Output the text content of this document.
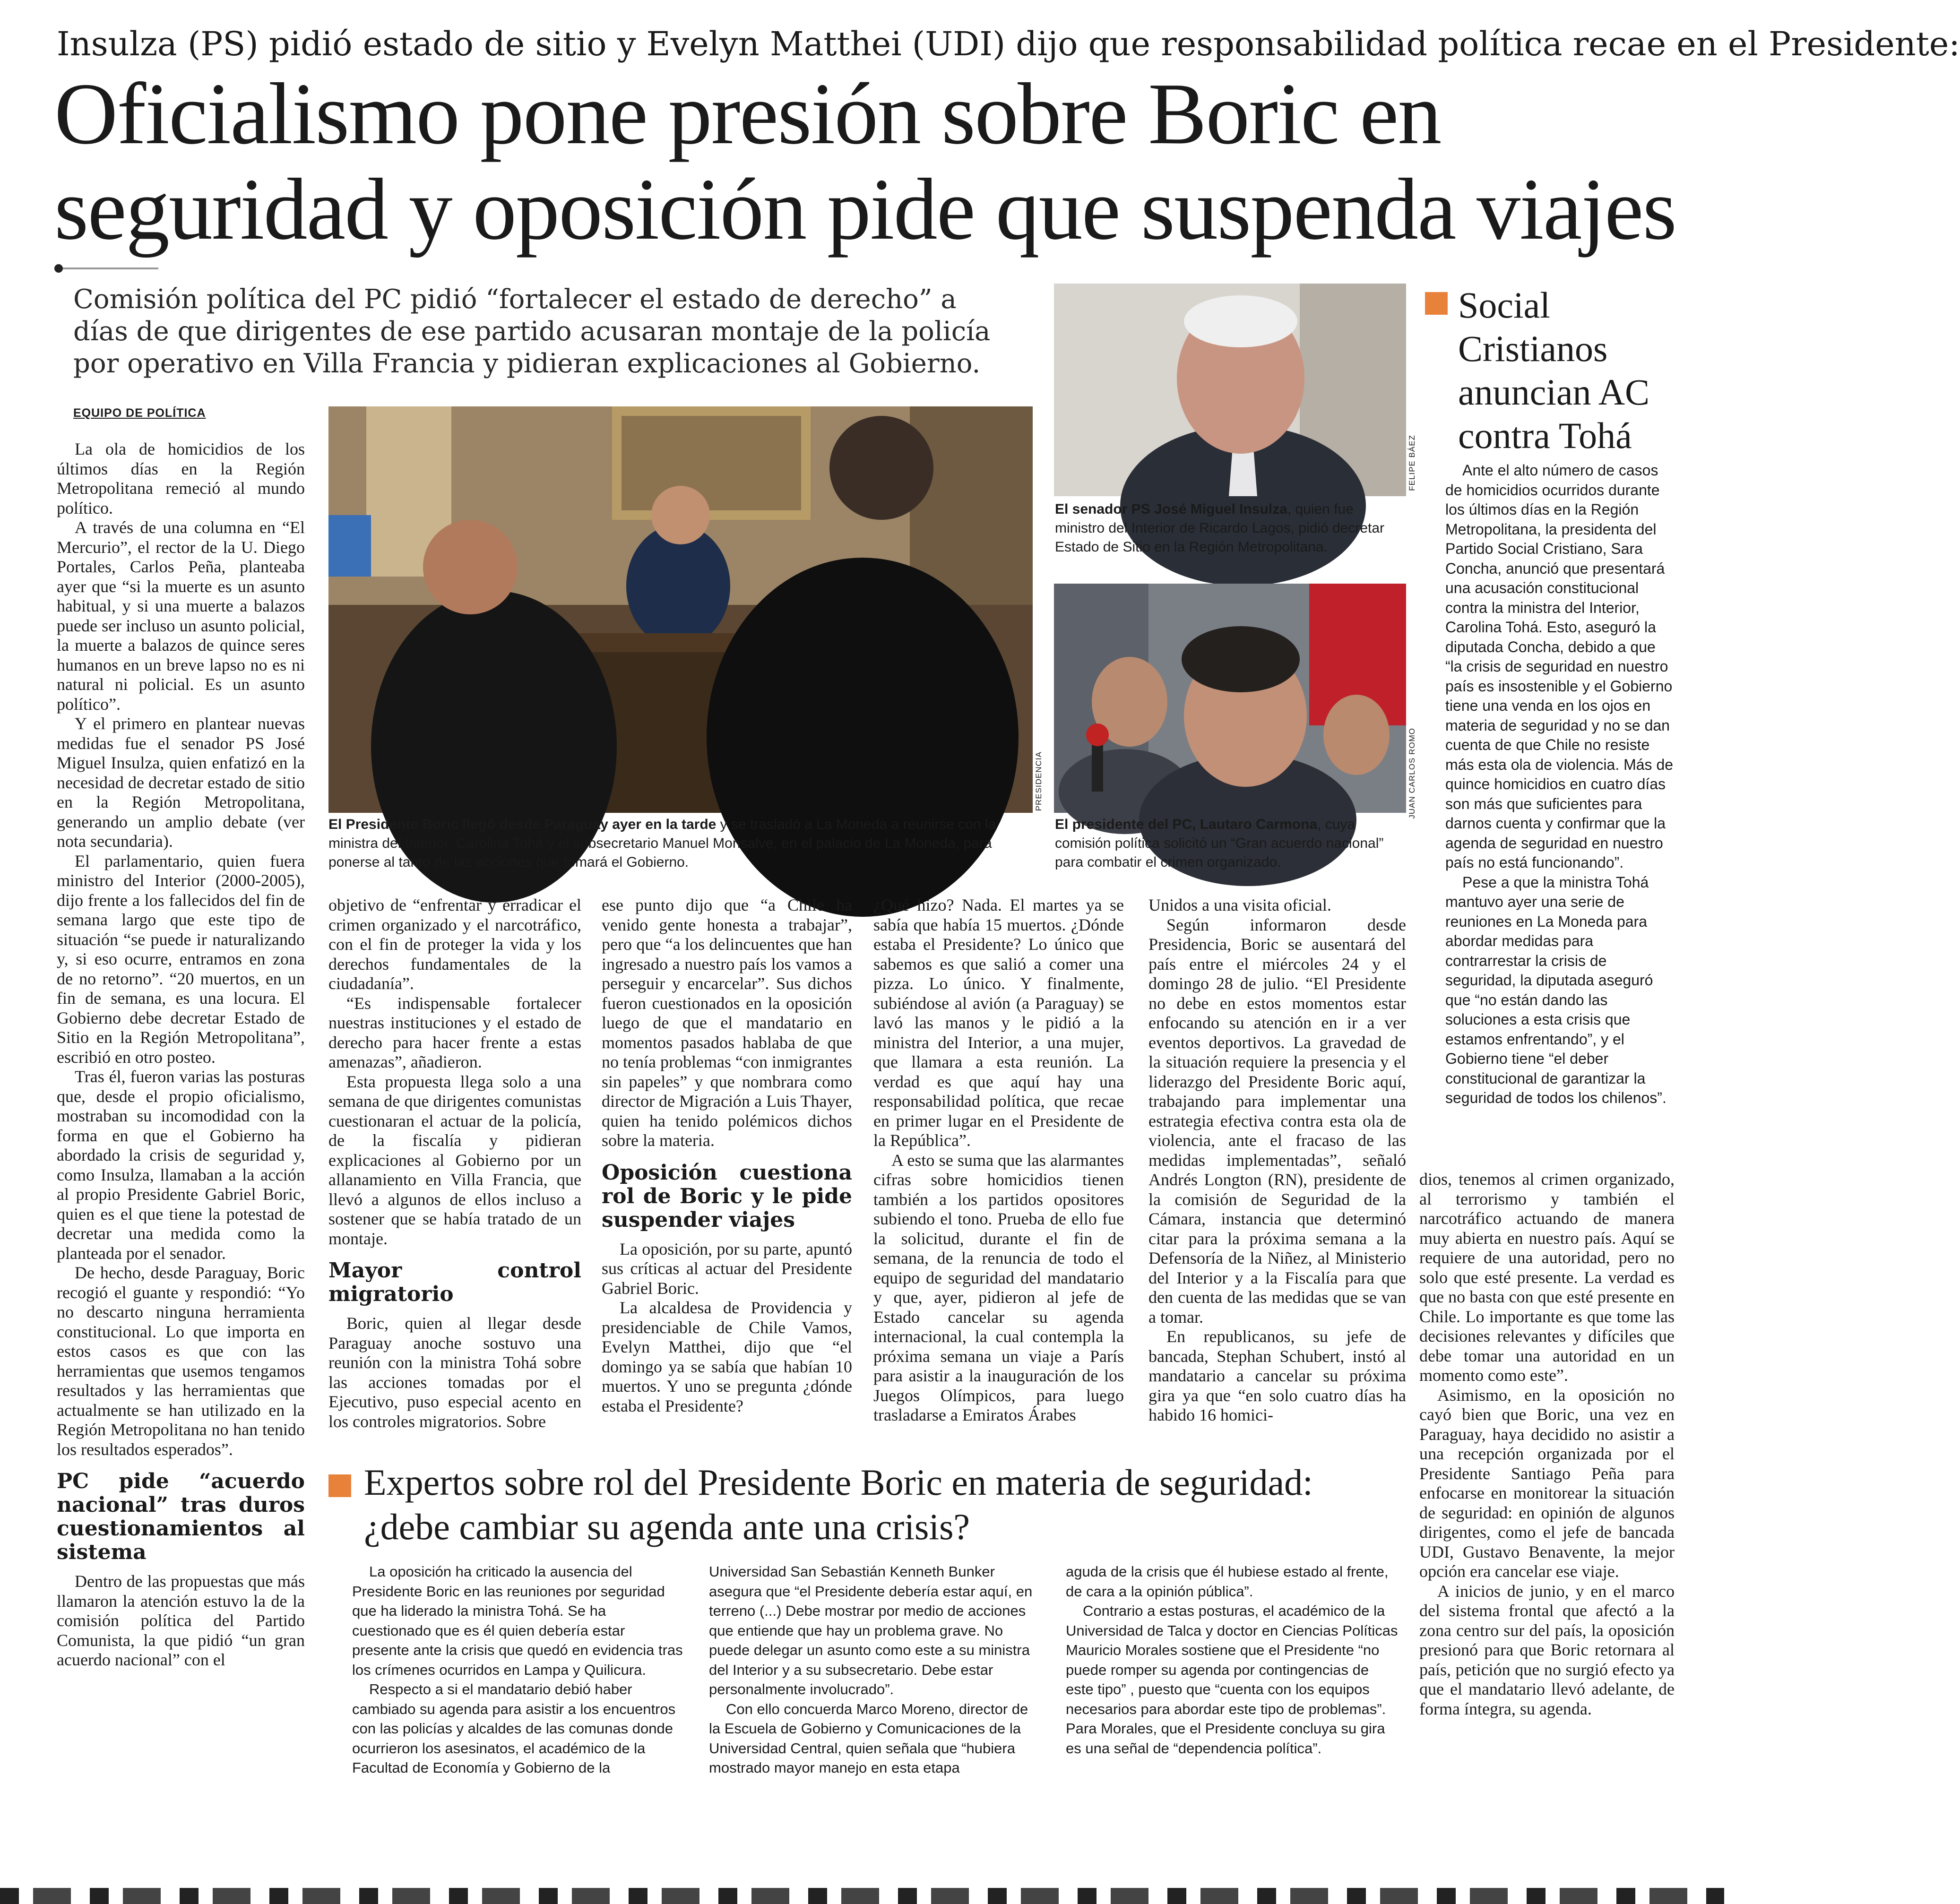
Insulza (PS) pidió estado de sitio y Evelyn Matthei (UDI) dijo que responsabilidad política recae en el Presidente:
Oficialismo pone presión sobre Boric en
seguridad y oposición pide que suspenda viajes
Comisión política del PC pidió “fortalecer el estado de derecho” a días de que dirigentes de ese partido acusaran montaje de la policía por operativo en Villa Francia y pidieran explicaciones al Gobierno.
EQUIPO DE POLÍTICA

La ola de homicidios de los últimos días en la Región Metropolitana remeció al mundo político.

A través de una columna en “El Mercurio”, el rector de la U. Diego Portales, Carlos Peña, planteaba ayer que “si la muerte es un asunto habitual, y si una muerte a balazos puede ser incluso un asunto policial, la muerte a balazos de quince seres humanos en un breve lapso no es ni natural ni policial. Es un asunto político”.

Y el primero en plantear nuevas medidas fue el senador PS José Miguel Insulza, quien enfatizó en la necesidad de decretar estado de sitio en la Región Metropolitana, generando un amplio debate (ver nota secundaria).

El parlamentario, quien fuera ministro del Interior (2000-2005), dijo frente a los fallecidos del fin de semana largo que este tipo de situación “se puede ir naturalizando y, si eso ocurre, entramos en zona de no retorno”. “20 muertos, en un fin de semana, es una locura. El Gobierno debe decretar Estado de Sitio en la Región Metropolitana”, escribió en otro posteo.

Tras él, fueron varias las posturas que, desde el propio oficialismo, mostraban su incomodidad con la forma en que el Gobierno ha abordado la crisis de seguridad y, como Insulza, llamaban a la acción al propio Presidente Gabriel Boric, quien es el que tiene la potestad de decretar una medida como la planteada por el senador.

De hecho, desde Paraguay, Boric recogió el guante y respondió: “Yo no descarto ninguna herramienta constitucional. Lo que importa en estos casos es que con las herramientas que usemos tengamos resultados y las herramientas que actualmente se han utilizado en la Región Metropolitana no han tenido los resultados esperados”.

PC pide “acuerdo nacional” tras duros cuestionamientos al sistema

Dentro de las propuestas que más llamaron la atención estuvo la de la comisión política del Partido Comunista, la que pidió “un gran acuerdo nacional” con el

PRESIDENCIA
El Presidente Boric llegó desde Paraguay ayer en la tarde y se trasladó a La Moneda a reunirse con la ministra del Interior, Carolina Tohá y el subsecretario Manuel Monsalve, en el palacio de La Moneda, para ponerse al tanto de las acciones que tomará el Gobierno.

objetivo de “enfrentar y erradicar el crimen organizado y el narcotráfico, con el fin de proteger la vida y los derechos fundamentales de la ciudadanía”.

“Es indispensable fortalecer nuestras instituciones y el estado de derecho para hacer frente a estas amenazas”, añadieron.

Esta propuesta llega solo a una semana de que dirigentes comunistas cuestionaran el actuar de la policía, de la fiscalía y pidieran explicaciones al Gobierno por un allanamiento en Villa Francia, que llevó a algunos de ellos incluso a sostener que se había tratado de un montaje.

Mayor control migratorio

Boric, quien al llegar desde Paraguay anoche sostuvo una reunión con la ministra Tohá sobre las acciones tomadas por el Ejecutivo, puso especial acento en los controles migratorios. Sobre

ese punto dijo que “a Chile ha venido gente honesta a trabajar”, pero que “a los delincuentes que han ingresado a nuestro país los vamos a perseguir y encarcelar”. Sus dichos fueron cuestionados en la oposición luego de que el mandatario en momentos pasados hablaba de que no tenía problemas “con inmigrantes sin papeles” y que nombrara como director de Migración a Luis Thayer, quien ha tenido polémicos dichos sobre la materia.

Oposición cuestiona rol de Boric y le pide suspender viajes

La oposición, por su parte, apuntó sus críticas al actuar del Presidente Gabriel Boric.

La alcaldesa de Providencia y presidenciable de Chile Vamos, Evelyn Matthei, dijo que “el domingo ya se sabía que habían 10 muertos. Y uno se pregunta ¿dónde estaba el Presidente?

¿Qué hizo? Nada. El martes ya se sabía que había 15 muertos. ¿Dónde estaba el Presidente? Lo único que sabemos es que salió a comer una pizza. Lo único. Y finalmente, subiéndose al avión (a Paraguay) se lavó las manos y le pidió a la ministra del Interior, a una mujer, que llamara a esta reunión. La verdad es que aquí hay una responsabilidad política, que recae en primer lugar en el Presidente de la República”.

A esto se suma que las alarmantes cifras sobre homicidios tienen también a los partidos opositores subiendo el tono. Prueba de ello fue la solicitud, durante el fin de semana, de la renuncia de todo el equipo de seguridad del mandatario y que, ayer, pidieron al jefe de Estado cancelar su agenda internacional, la cual contempla la próxima semana un viaje a París para asistir a la inauguración de los Juegos Olímpicos, para luego trasladarse a Emiratos Árabes

FELIPE BÁEZ
El senador PS José Miguel Insulza, quien fue ministro del Interior de Ricardo Lagos, pidió decretar Estado de Sitio en la Región Metropolitana.
JUAN CARLOS ROMO
El presidente del PC, Lautaro Carmona, cuya comisión política solicitó un “Gran acuerdo nacional” para combatir el crimen organizado.

Unidos a una visita oficial.

Según informaron desde Presidencia, Boric se ausentará del país entre el miércoles 24 y el domingo 28 de julio. “El Presidente no debe en estos momentos estar enfocando su atención en ir a ver eventos deportivos. La gravedad de la situación requiere la presencia y el liderazgo del Presidente Boric aquí, trabajando para implementar una estrategia efectiva contra esta ola de violencia, ante el fracaso de las medidas implementadas”, señaló Andrés Longton (RN), presidente de la comisión de Seguridad de la Cámara, instancia que determinó citar para la próxima semana a la Defensoría de la Niñez, al Ministerio del Interior y a la Fiscalía para que den cuenta de las medidas que se van a tomar.

En republicanos, su jefe de bancada, Stephan Schubert, instó al mandatario a cancelar su próxima gira ya que “en solo cuatro días ha habido 16 homici-

Social Cristianos anuncian AC contra Tohá

Ante el alto número de casos de homicidios ocurridos durante los últimos días en la Región Metropolitana, la presidenta del Partido Social Cristiano, Sara Concha, anunció que presentará una acusación constitucional contra la ministra del Interior, Carolina Tohá. Esto, aseguró la diputada Concha, debido a que “la crisis de seguridad en nuestro país es insostenible y el Gobierno tiene una venda en los ojos en materia de seguridad y no se dan cuenta de que Chile no resiste más esta ola de violencia. Más de quince homicidios en cuatro días son más que suficientes para darnos cuenta y confirmar que la agenda de seguridad en nuestro país no está funcionando”.

Pese a que la ministra Tohá mantuvo ayer una serie de reuniones en La Moneda para abordar medidas para contrarrestar la crisis de seguridad, la diputada aseguró que “no están dando las soluciones a esta crisis que estamos enfrentando”, y el Gobierno tiene “el deber constitucional de garantizar la seguridad de todos los chilenos”.

dios, tenemos al crimen organizado, al terrorismo y también el narcotráfico actuando de manera muy abierta en nuestro país. Aquí se requiere de una autoridad, pero no solo que esté presente. La verdad es que no basta con que esté presente en Chile. Lo importante es que tome las decisiones relevantes y difíciles que debe tomar una autoridad en un momento como este”.

Asimismo, en la oposición no cayó bien que Boric, una vez en Paraguay, haya decidido no asistir a una recepción organizada por el Presidente Santiago Peña para enfocarse en monitorear la situación de seguridad: en opinión de algunos dirigentes, como el jefe de bancada UDI, Gustavo Benavente, la mejor opción era cancelar ese viaje.

A inicios de junio, y en el marco del sistema frontal que afectó a la zona centro sur del país, la oposición presionó para que Boric retornara al país, petición que no surgió efecto ya que el mandatario llevó adelante, de forma íntegra, su agenda.

Expertos sobre rol del Presidente Boric en materia de seguridad:
¿debe cambiar su agenda ante una crisis?

La oposición ha criticado la ausencia del Presidente Boric en las reuniones por seguridad que ha liderado la ministra Tohá. Se ha cuestionado que es él quien debería estar presente ante la crisis que quedó en evidencia tras los crímenes ocurridos en Lampa y Quilicura.

Respecto a si el mandatario debió haber cambiado su agenda para asistir a los encuentros con las policías y alcaldes de las comunas donde ocurrieron los asesinatos, el académico de la Facultad de Economía y Gobierno de la

Universidad San Sebastián Kenneth Bunker asegura que “el Presidente debería estar aquí, en terreno (...) Debe mostrar por medio de acciones que entiende que hay un problema grave. No puede delegar un asunto como este a su ministra del Interior y a su subsecretario. Debe estar personalmente involucrado”.

Con ello concuerda Marco Moreno, director de la Escuela de Gobierno y Comunicaciones de la Universidad Central, quien señala que “hubiera mostrado mayor manejo en esta etapa

aguda de la crisis que él hubiese estado al frente, de cara a la opinión pública”.

Contrario a estas posturas, el académico de la Universidad de Talca y doctor en Ciencias Políticas Mauricio Morales sostiene que el Presidente “no puede romper su agenda por contingencias de este tipo” , puesto que “cuenta con los equipos necesarios para abordar este tipo de problemas”. Para Morales, que el Presidente concluya su gira es una señal de “dependencia política”.
